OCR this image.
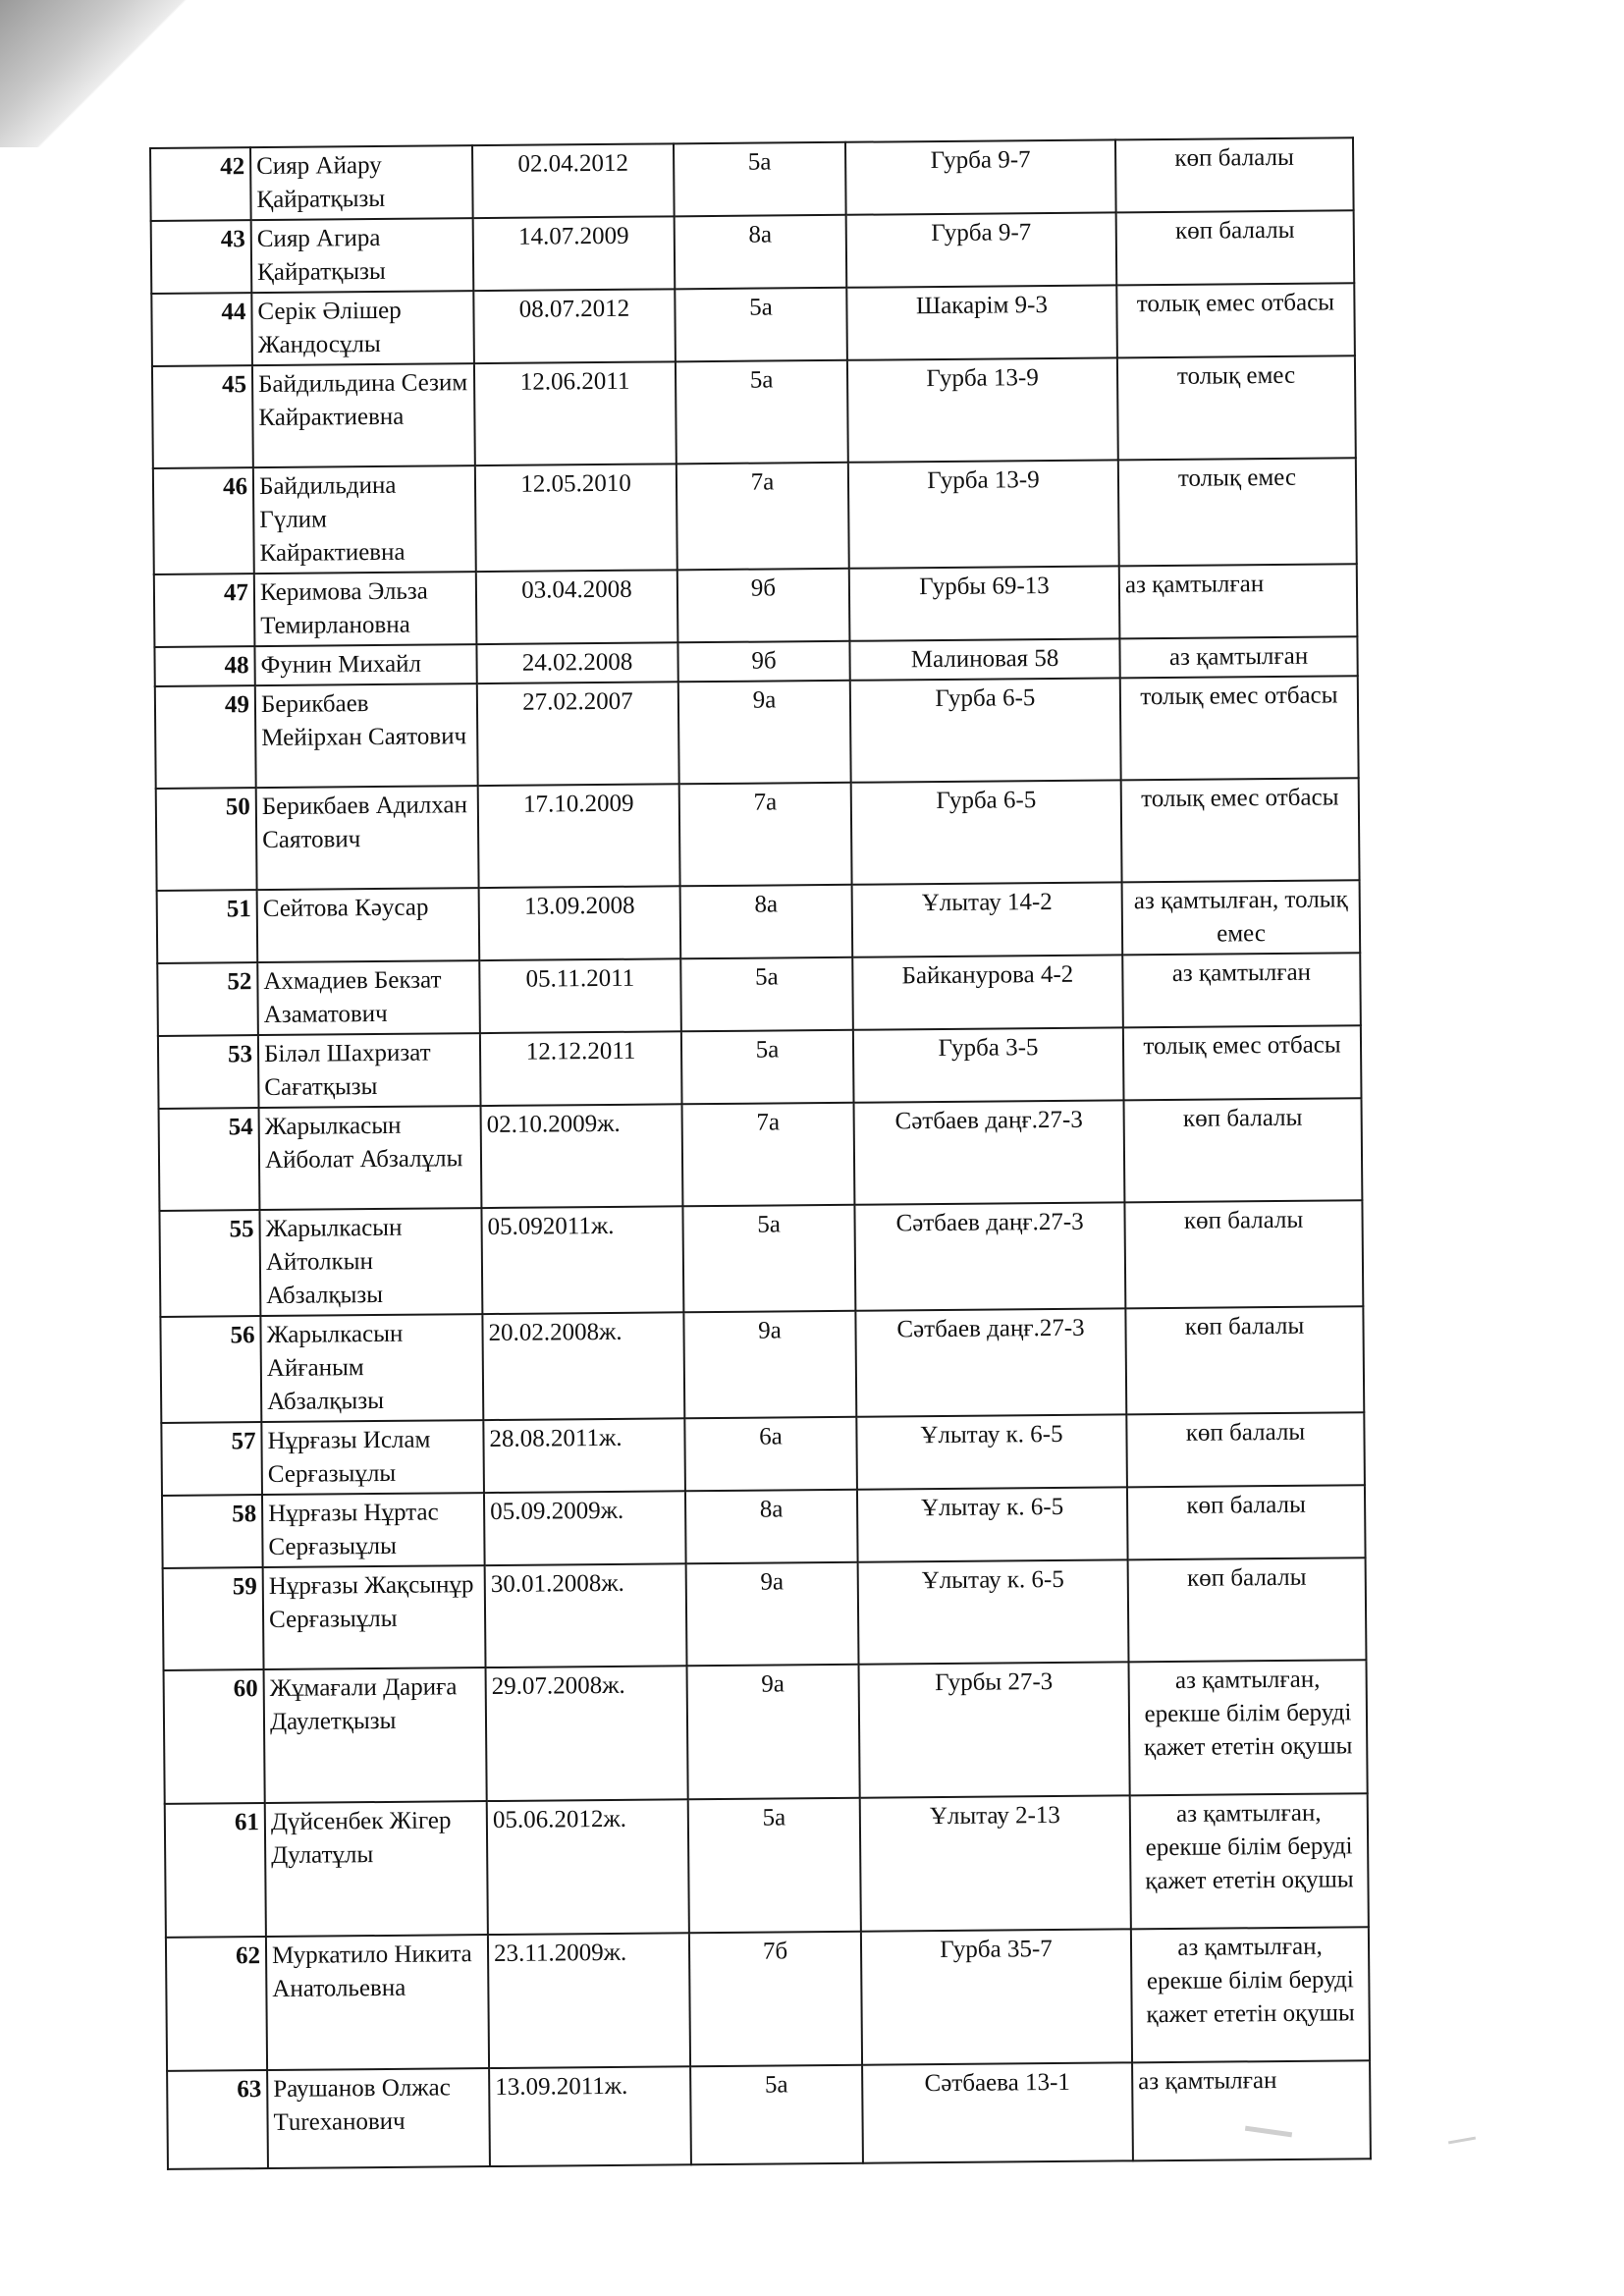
42	Сияр Айару Қайратқызы	02.04.2012	5а	Гурба 9-7	көп балалы
43	Сияр Агира Қайратқызы	14.07.2009	8а	Гурба 9-7	көп балалы
44	Серік Әлішер Жандосұлы	08.07.2012	5а	Шакарім 9-3	толық емес отбасы
45	Байдильдина Сезим Кайрактиевна	12.06.2011	5а	Гурба 13-9	толық емес
46	Байдильдина Гүлим Кайрактиевна	12.05.2010	7а	Гурба 13-9	толық емес
47	Керимова Эльза Темирлановна	03.04.2008	9б	Гурбы 69-13	аз қамтылған
48	Фунин Михайл	24.02.2008	9б	Малиновая 58	аз қамтылған
49	Берикбаев Мейірхан Саятович	27.02.2007	9а	Гурба 6-5	толық емес отбасы
50	Берикбаев Адилхан Саятович	17.10.2009	7а	Гурба 6-5	толық емес отбасы
51	Сейтова Кәусар	13.09.2008	8а	Ұлытау 14-2	аз қамтылған, толық емес
52	Ахмадиев Бекзат Азаматович	05.11.2011	5а	Байканурова 4-2	аз қамтылған
53	Білəл Шахризат Сағатқызы	12.12.2011	5а	Гурба 3-5	толық емес отбасы
54	Жарылкасын Айболат Абзалұлы	02.10.2009ж.	7а	Сәтбаев даңғ.27-3	көп балалы
55	Жарылкасын Айтолкын Абзалқызы	05.092011ж.	5а	Сәтбаев даңғ.27-3	көп балалы
56	Жарылкасын Айғаным Абзалқызы	20.02.2008ж.	9а	Сәтбаев даңғ.27-3	көп балалы
57	Нұрғазы Ислам Серғазыұлы	28.08.2011ж.	6а	Ұлытау к. 6-5	көп балалы
58	Нұрғазы Нұртас Серғазыұлы	05.09.2009ж.	8а	Ұлытау к. 6-5	көп балалы
59	Нұрғазы Жақсынұр Серғазыұлы	30.01.2008ж.	9а	Ұлытау к. 6-5	көп балалы
60	Жұмағали Дариға Даулетқызы	29.07.2008ж.	9а	Гурбы 27-3	аз қамтылған, ерекше білім беруді қажет ететін оқушы
61	Дүйсенбек Жігер Дулатұлы	05.06.2012ж.	5а	Ұлытау 2-13	аз қамтылған, ерекше білім беруді қажет ететін оқушы
62	Муркатило Никита Анатольевна	23.11.2009ж.	7б	Гурба 35-7	аз қамтылған, ерекше білім беруді қажет ететін оқушы
63	Раушанов Олжас Тureханович	13.09.2011ж.	5а	Сәтбаева 13-1	аз қамтылған
